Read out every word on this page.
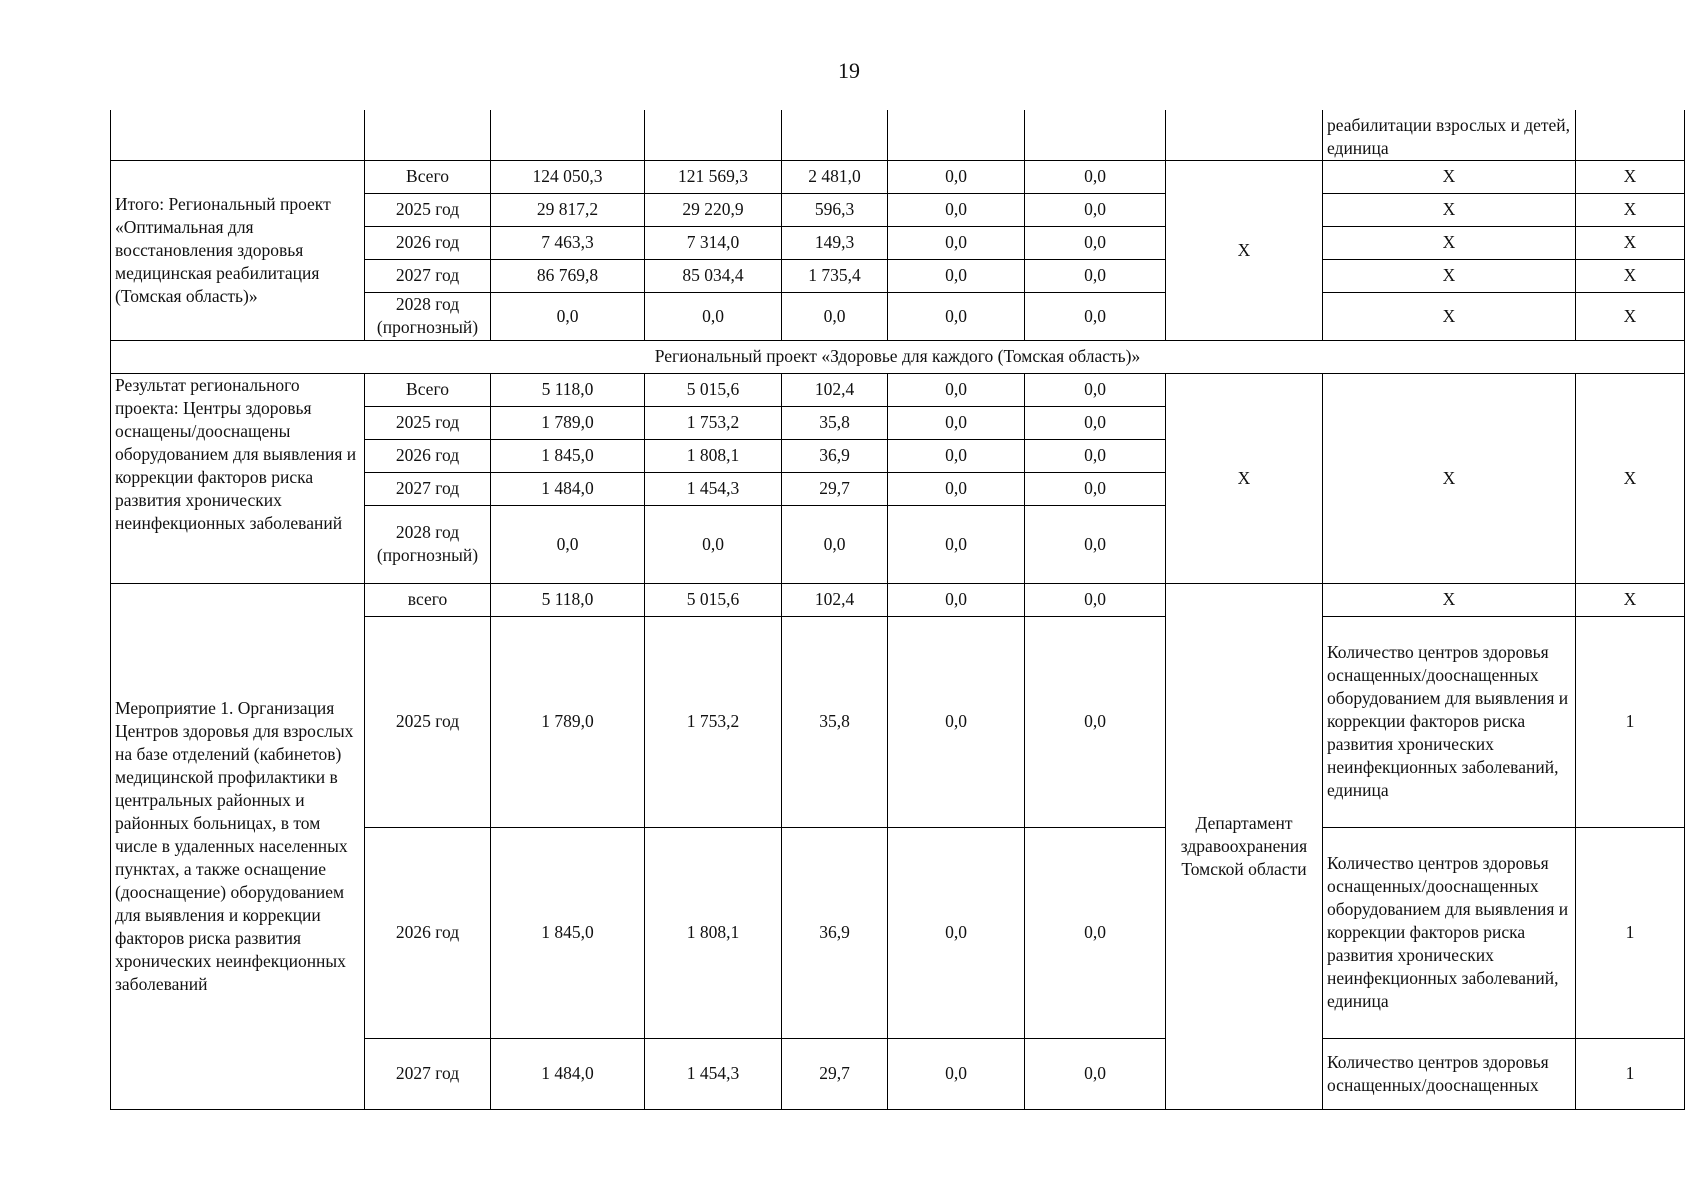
19
								реабилитации взрослых и детей, единица	
Итого: Региональный проект «Оптимальная для восстановления здоровья медицинская реабилитация (Томская область)»	Всего	124 050,3	121 569,3	2 481,0	0,0	0,0	Х	Х	Х
	2025 год	29 817,2	29 220,9	596,3	0,0	0,0		Х	Х
	2026 год	7 463,3	7 314,0	149,3	0,0	0,0		Х	Х
	2027 год	86 769,8	85 034,4	1 735,4	0,0	0,0		Х	Х
	2028 год (прогнозный)	0,0	0,0	0,0	0,0	0,0		Х	Х
Региональный проект «Здоровье для каждого (Томская область)»									
Результат регионального проекта: Центры здоровья оснащены/дооснащены оборудованием для выявления и коррекции факторов риска развития хронических неинфекционных заболеваний	Всего	5 118,0	5 015,6	102,4	0,0	0,0	Х	Х	Х
	2025 год	1 789,0	1 753,2	35,8	0,0	0,0			
	2026 год	1 845,0	1 808,1	36,9	0,0	0,0			
	2027 год	1 484,0	1 454,3	29,7	0,0	0,0			
	2028 год (прогнозный)	0,0	0,0	0,0	0,0	0,0			
Мероприятие 1. Организация Центров здоровья для взрослых на базе отделений (кабинетов) медицинской профилактики в центральных районных и районных больницах, в том числе в удаленных населенных пунктах, а также оснащение (дооснащение) оборудованием для выявления и коррекции факторов риска развития хронических неинфекционных заболеваний	всего	5 118,0	5 015,6	102,4	0,0	0,0	Департамент здравоохранения Томской области	Х	Х
	2025 год	1 789,0	1 753,2	35,8	0,0	0,0		Количество центров здоровья оснащенных/дооснащенных оборудованием для выявления и коррекции факторов риска развития хронических неинфекционных заболеваний, единица	1
	2026 год	1 845,0	1 808,1	36,9	0,0	0,0		Количество центров здоровья оснащенных/дооснащенных оборудованием для выявления и коррекции факторов риска развития хронических неинфекционных заболеваний, единица	1
	2027 год	1 484,0	1 454,3	29,7	0,0	0,0		Количество центров здоровья оснащенных/дооснащенных	1
